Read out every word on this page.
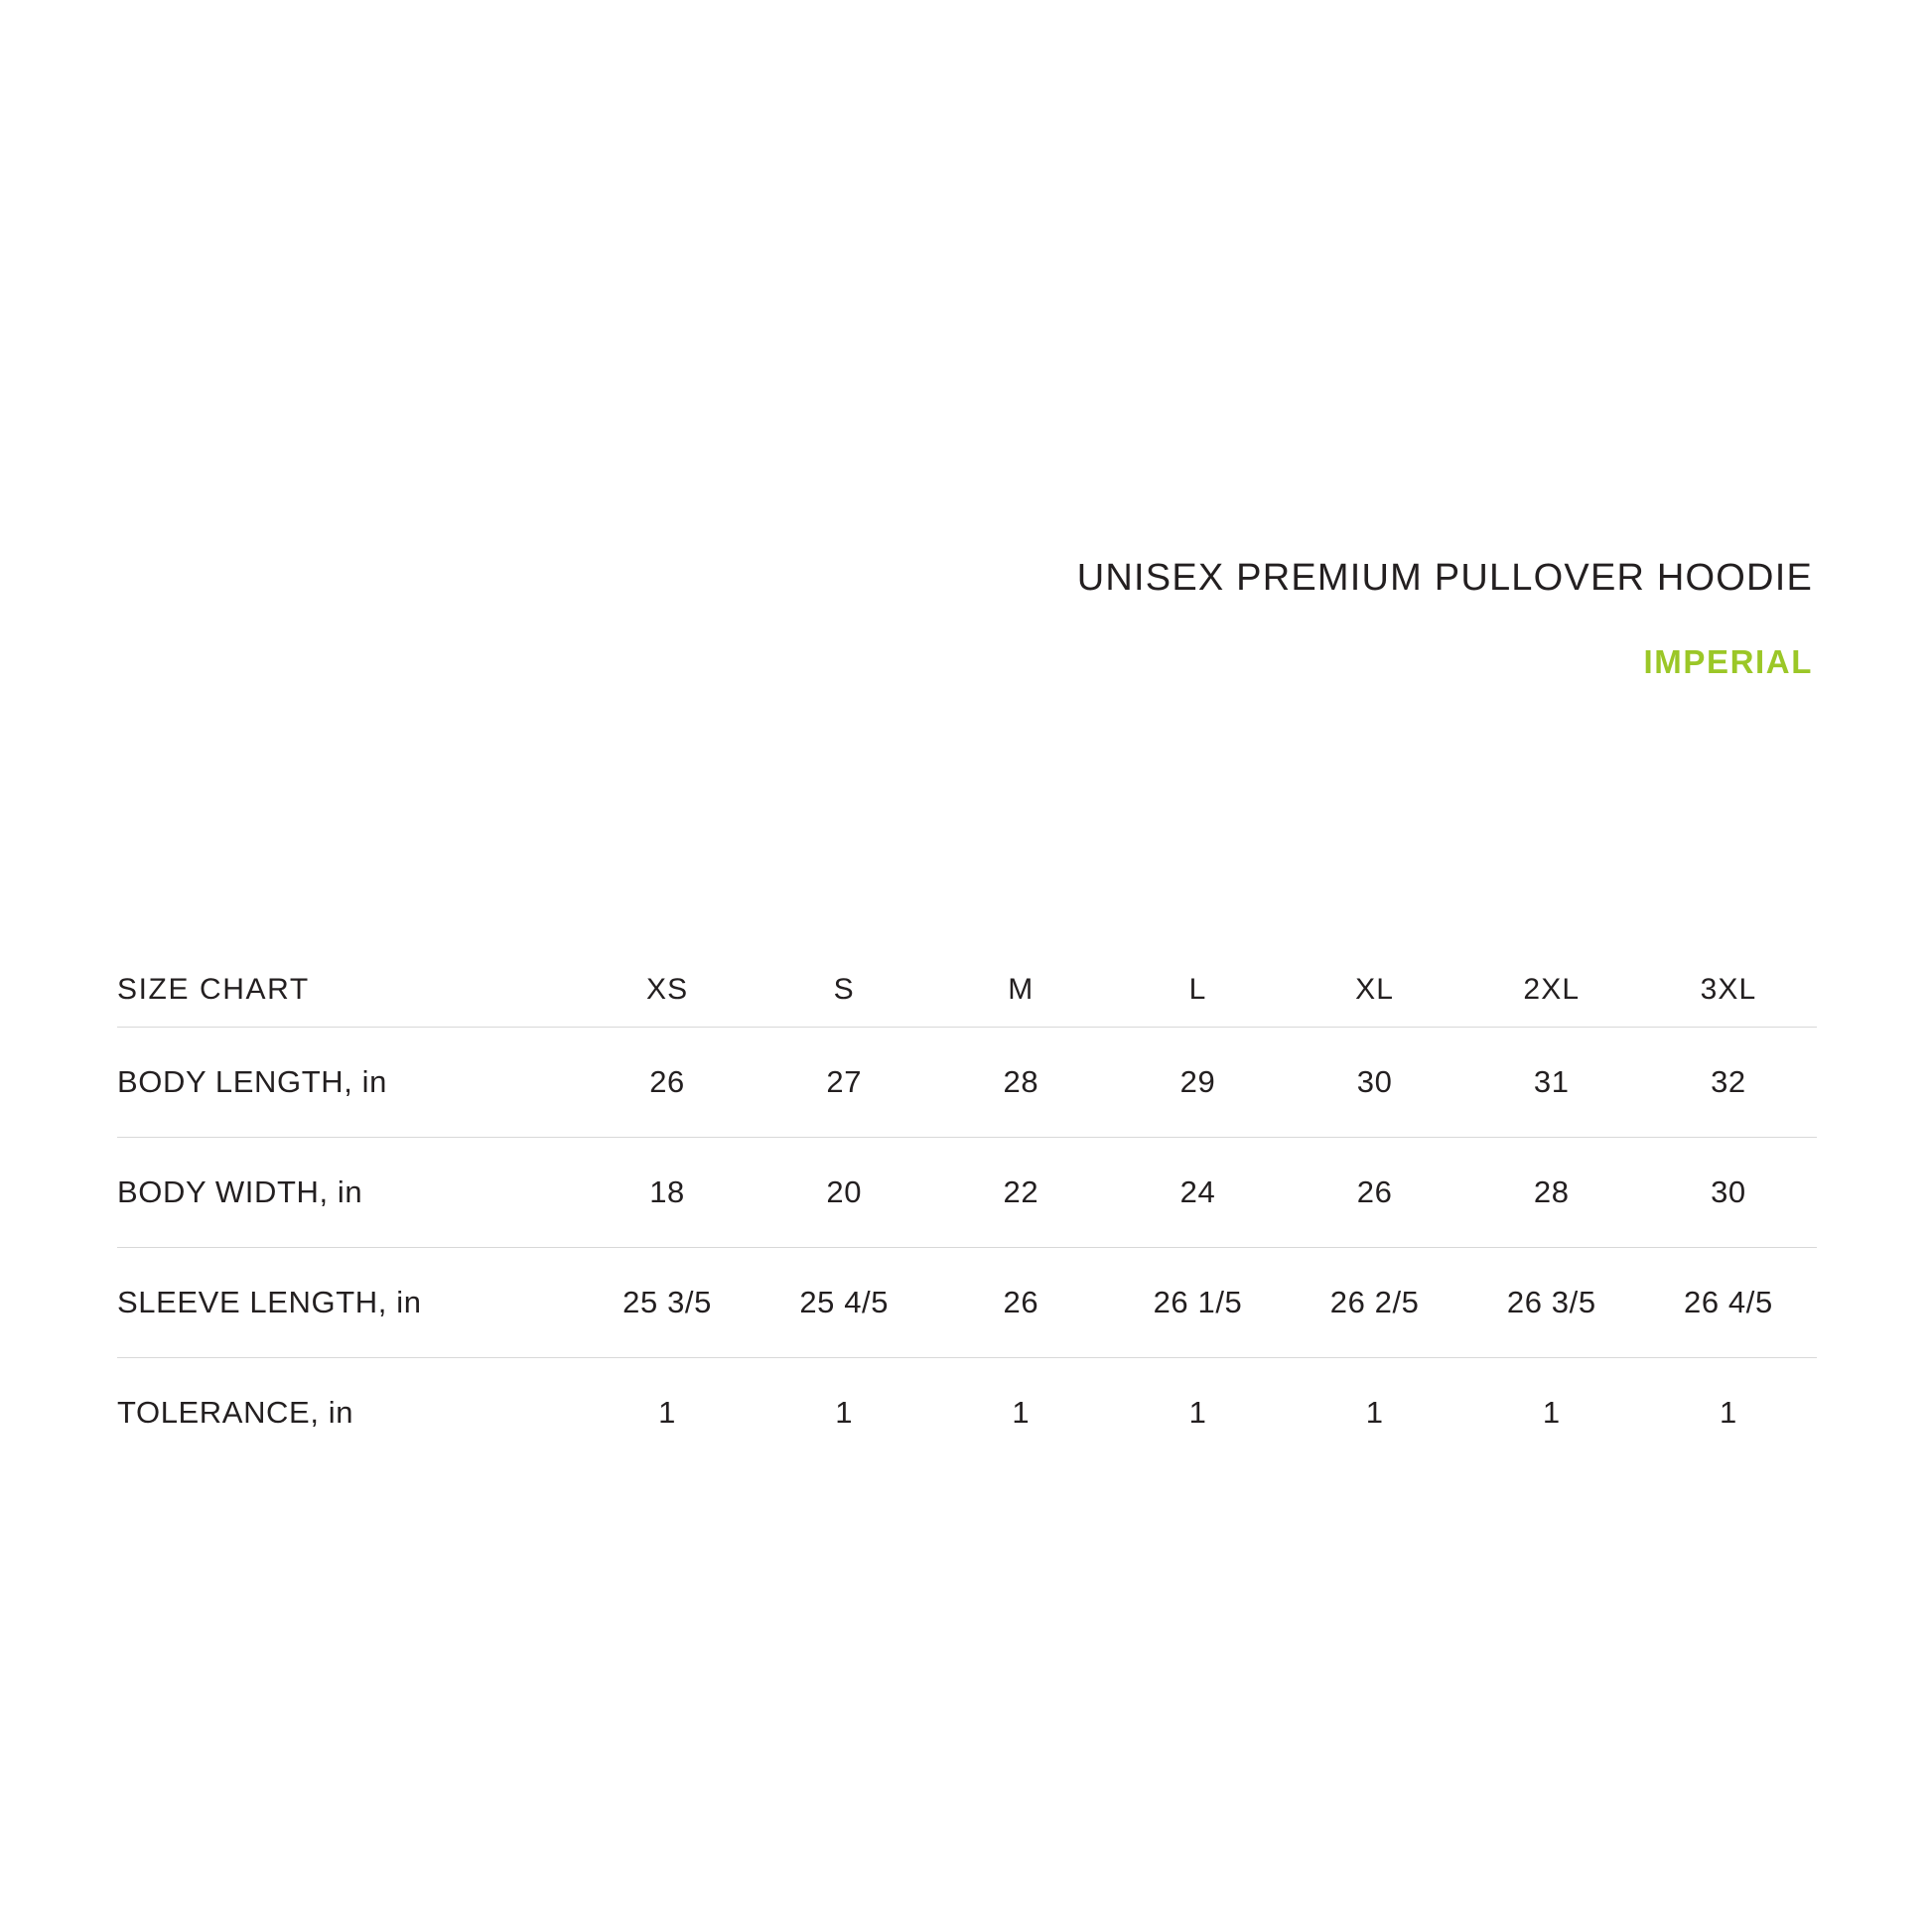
UNISEX PREMIUM PULLOVER HOODIE
IMPERIAL
SIZE CHART	XS	S	M	L	XL	2XL	3XL
BODY LENGTH, in	26	27	28	29	30	31	32
BODY WIDTH, in	18	20	22	24	26	28	30
SLEEVE LENGTH, in	25 3/5	25 4/5	26	26 1/5	26 2/5	26 3/5	26 4/5
TOLERANCE, in	1	1	1	1	1	1	1
